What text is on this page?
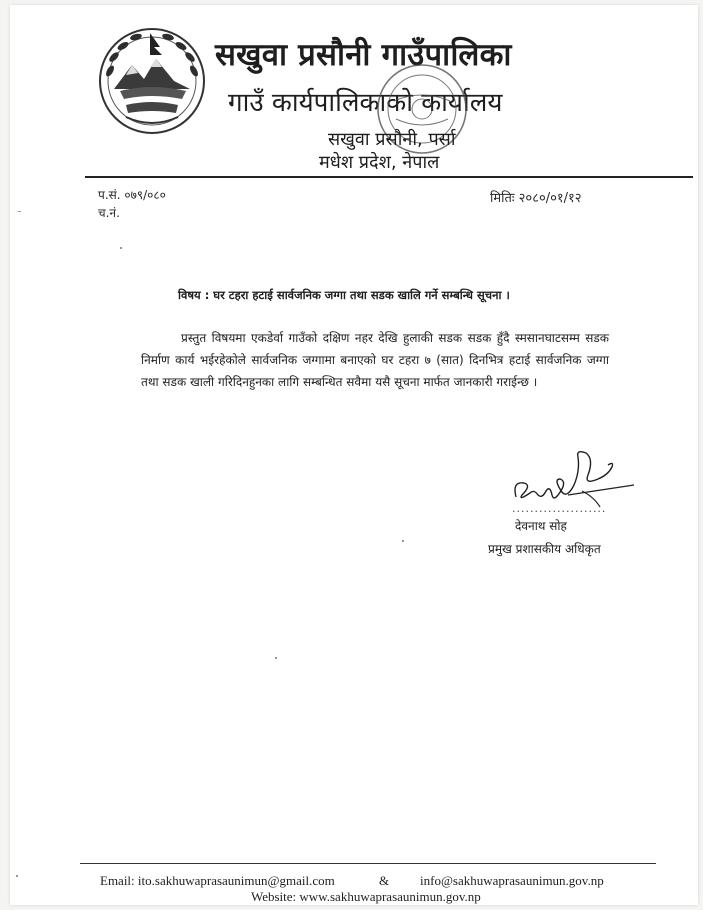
सखुवा प्रसौनी गाउँपालिका
गाउँ कार्यपालिकाको कार्यालय
सखुवा प्रसौनी, पर्सा
मधेश प्रदेश, नेपाल
प.सं. ०७९/०८०
च.नं.
मितिः २०८०/०१/१२
विषय : घर टहरा हटाई सार्वजनिक जग्गा तथा सडक खालि गर्ने सम्बन्धि सूचना ।
प्रस्तुत विषयमा एकडेर्वा गाउँको दक्षिण नहर देखि हुलाकी सडक सडक हुँदै स्मसानघाटसम्म सडक निर्माण कार्य भईरहेकोले सार्वजनिक जग्गामा बनाएको घर टहरा ७ (सात) दिनभित्र हटाई सार्वजनिक जग्गा तथा सडक खाली गरिदिनहुनका लागि सम्बन्धित सवैमा यसै सूचना मार्फत जानकारी गराईन्छ ।
.....................
देवनाथ सोह
प्रमुख प्रशासकीय अधिकृत
Email: ito.sakhuwaprasaunimun@gmail.com	& info@sakhuwaprasaunimun.gov.np
Website: www.sakhuwaprasaunimun.gov.np
